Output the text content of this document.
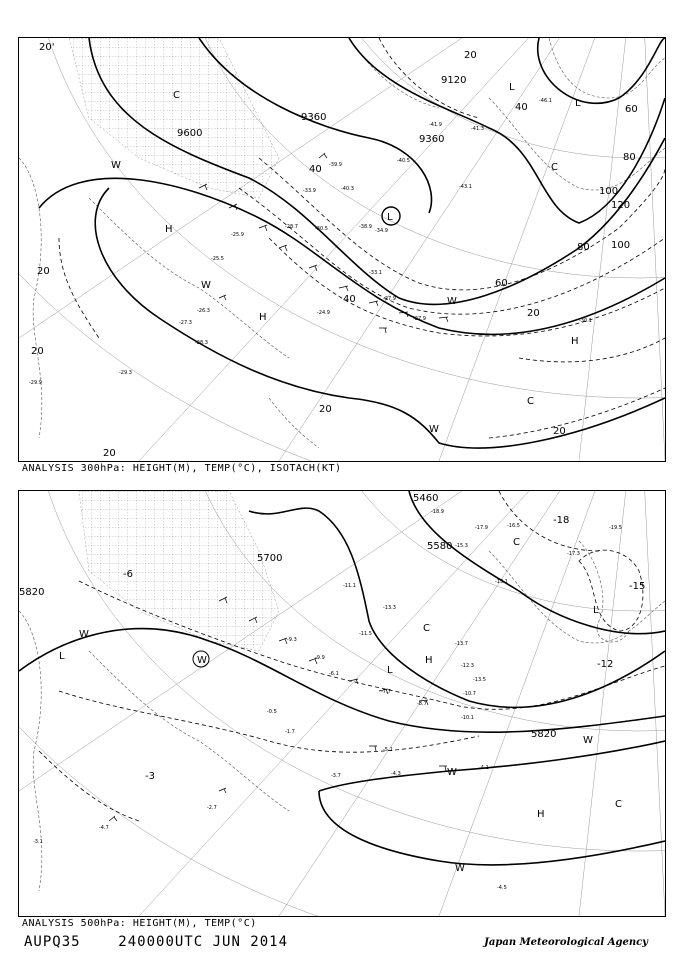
9120
9360
9600
9360
20
40
60
80
100
120
20
20
20
20
20
40
40
60
80
100
20
L
L
L
H
H
H
C
C
C
W
W
W
W
-41.9
-43.1
-41.3
-40.5
-40.3
-38.9
-33.9
-30.5
-28.7
-25.9
-27.3
-28.3
-30.1
-29.3
-27.9
-24.9
-26.3
-25.5
-27.9
-29.9
-46.1
-33.1
-34.9
-39.9
20'
ANALYSIS 300hPa: HEIGHT(M), TEMP(°C), ISOTACH(KT)
5460
5580
5700
5820
5820
-18
-15
-12
-6
-3
L
L
L
H
H
C
C
C
W
W
W
W
W
-18.9
-17.9
-15.3
-13.7
-13.3
-12.3
-11.5
-10.7
-10.1
-9.3
-8.7
-7.7
-6.1
-5.1
-4.7
-4.5
-4.3
-4.1
-3.7
-2.7
-1.7
-0.5
-13.1
-19.5
-17.3
-16.5
-13.5
-11.1
-9.9
-3.1
ANALYSIS 500hPa: HEIGHT(M), TEMP(°C)
AUPQ35	240000UTC JUN 2014	Japan Meteorological Agency
